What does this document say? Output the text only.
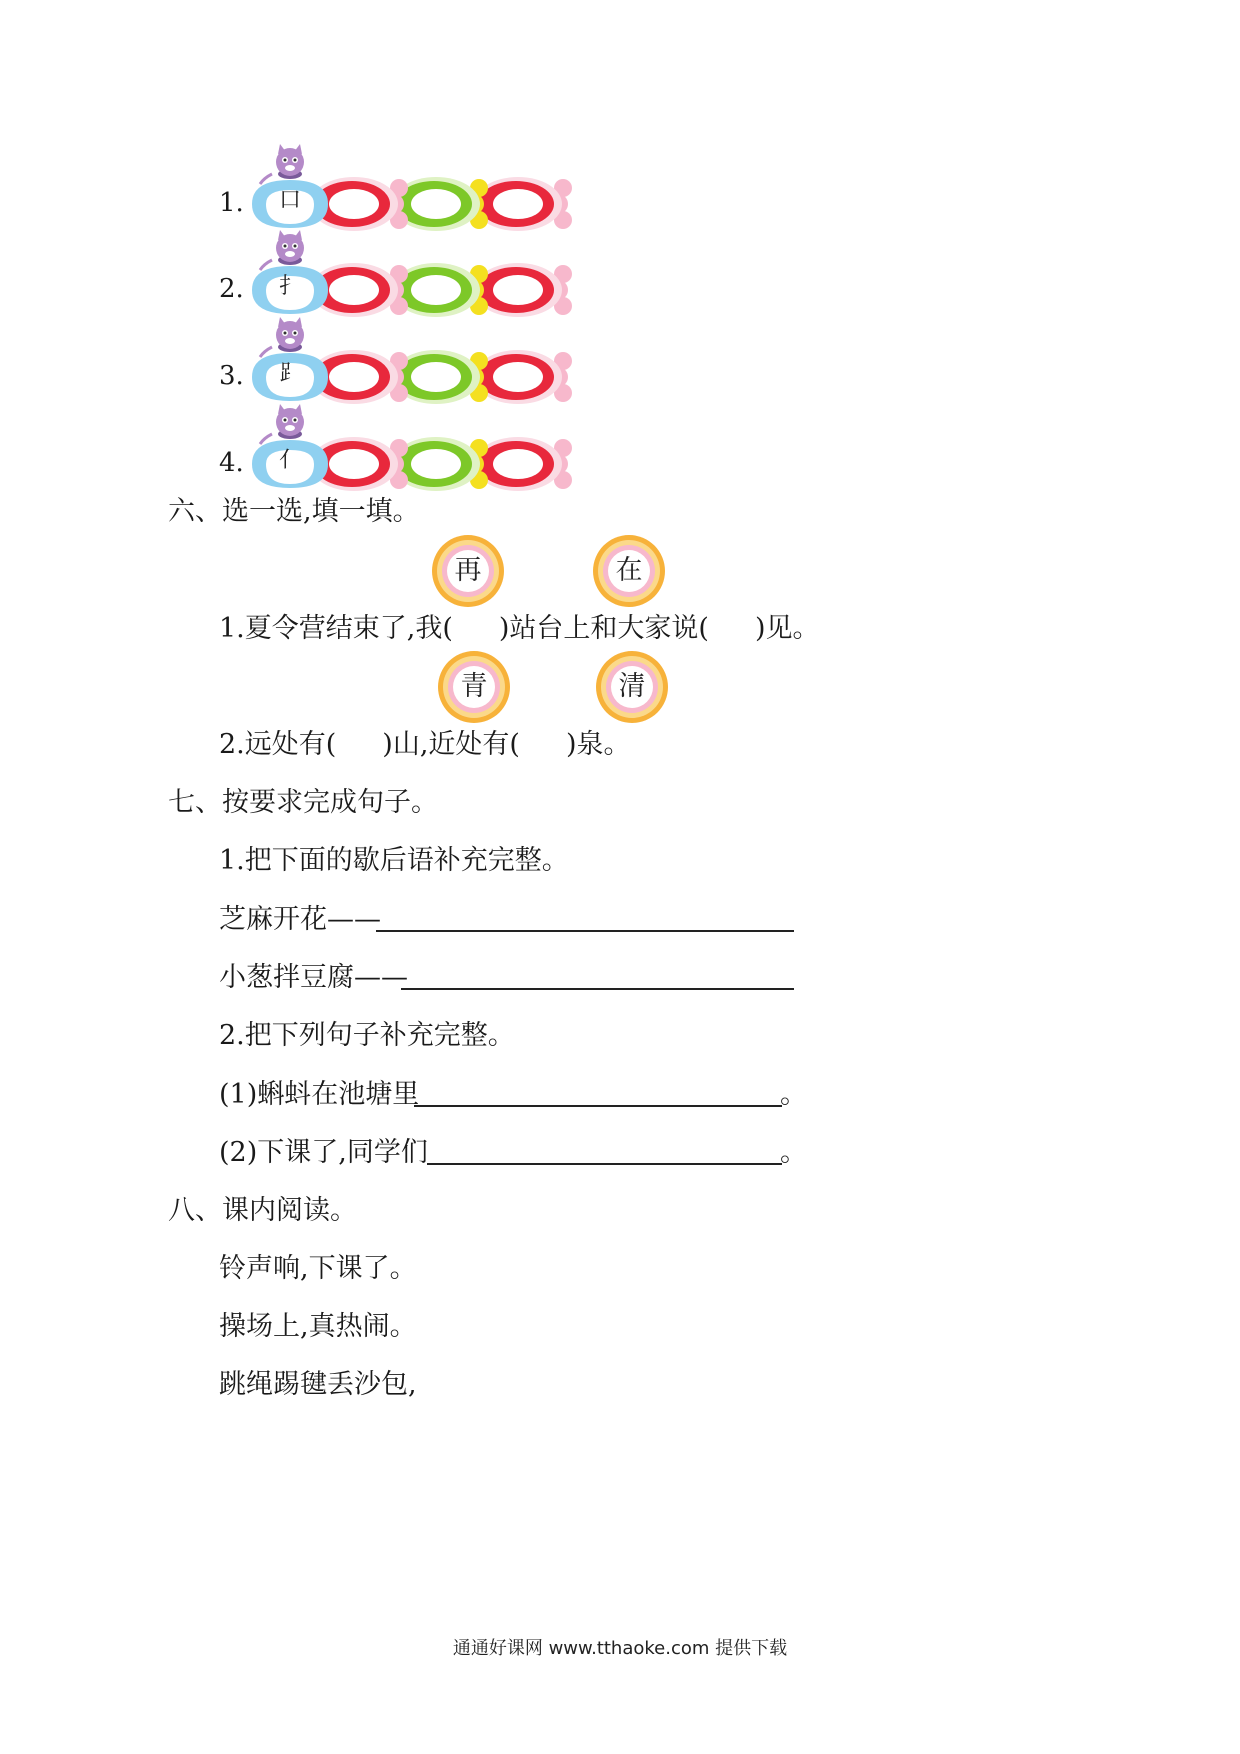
1.	口
2.	扌
3.	⻊
4.	亻
六、选一选,填一填。
再	在
1.夏令营结束了,我( )站台上和大家说( )见。
青	清
2.远处有( )山,近处有( )泉。
七、按要求完成句子。
1.把下面的歇后语补充完整。
芝麻开花——
小葱拌豆腐——
2.把下列句子补充完整。
(1)蝌蚪在池塘里	。
(2)下课了,同学们	。
八、课内阅读。
铃声响,下课了。
操场上,真热闹。
跳绳踢毽丢沙包,
通通好课网 www.tthaoke.com 提供下载
